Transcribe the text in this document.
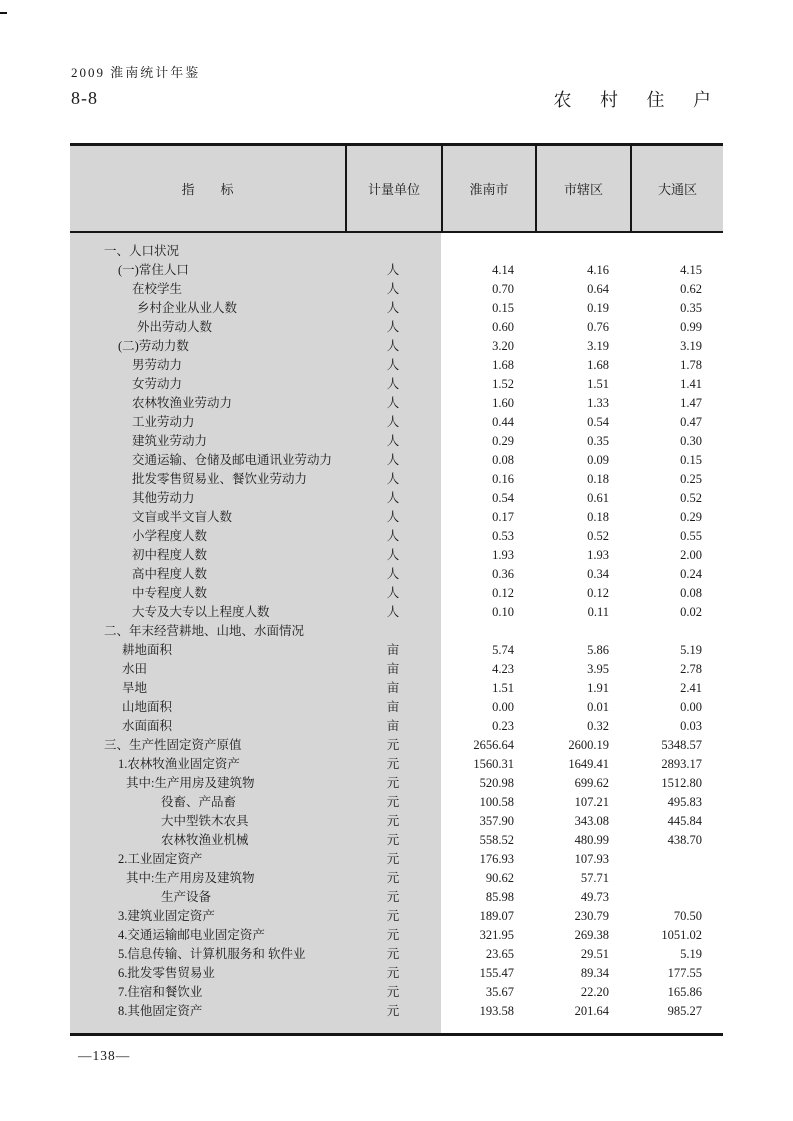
2009 淮南统计年鉴
8-8	农 村 住 户
指　　标	计量单位	淮南市	市辖区	大通区
一、人口状况
(一)常住人口	人	4.14	4.16	4.15
在校学生	人	0.70	0.64	0.62
乡村企业从业人数	人	0.15	0.19	0.35
外出劳动人数	人	0.60	0.76	0.99
(二)劳动力数	人	3.20	3.19	3.19
男劳动力	人	1.68	1.68	1.78
女劳动力	人	1.52	1.51	1.41
农林牧渔业劳动力	人	1.60	1.33	1.47
工业劳动力	人	0.44	0.54	0.47
建筑业劳动力	人	0.29	0.35	0.30
交通运输、仓储及邮电通讯业劳动力	人	0.08	0.09	0.15
批发零售贸易业、餐饮业劳动力	人	0.16	0.18	0.25
其他劳动力	人	0.54	0.61	0.52
文盲或半文盲人数	人	0.17	0.18	0.29
小学程度人数	人	0.53	0.52	0.55
初中程度人数	人	1.93	1.93	2.00
高中程度人数	人	0.36	0.34	0.24
中专程度人数	人	0.12	0.12	0.08
大专及大专以上程度人数	人	0.10	0.11	0.02
二、年末经营耕地、山地、水面情况
耕地面积	亩	5.74	5.86	5.19
水田	亩	4.23	3.95	2.78
旱地	亩	1.51	1.91	2.41
山地面积	亩	0.00	0.01	0.00
水面面积	亩	0.23	0.32	0.03
三、生产性固定资产原值	元	2656.64	2600.19	5348.57
1.农林牧渔业固定资产	元	1560.31	1649.41	2893.17
其中:生产用房及建筑物	元	520.98	699.62	1512.80
役畜、产品畜	元	100.58	107.21	495.83
大中型铁木农具	元	357.90	343.08	445.84
农林牧渔业机械	元	558.52	480.99	438.70
2.工业固定资产	元	176.93	107.93
其中:生产用房及建筑物	元	90.62	57.71
生产设备	元	85.98	49.73
3.建筑业固定资产	元	189.07	230.79	70.50
4.交通运输邮电业固定资产	元	321.95	269.38	1051.02
5.信息传输、计算机服务和 软件业	元	23.65	29.51	5.19
6.批发零售贸易业	元	155.47	89.34	177.55
7.住宿和餐饮业	元	35.67	22.20	165.86
8.其他固定资产	元	193.58	201.64	985.27
—138—
